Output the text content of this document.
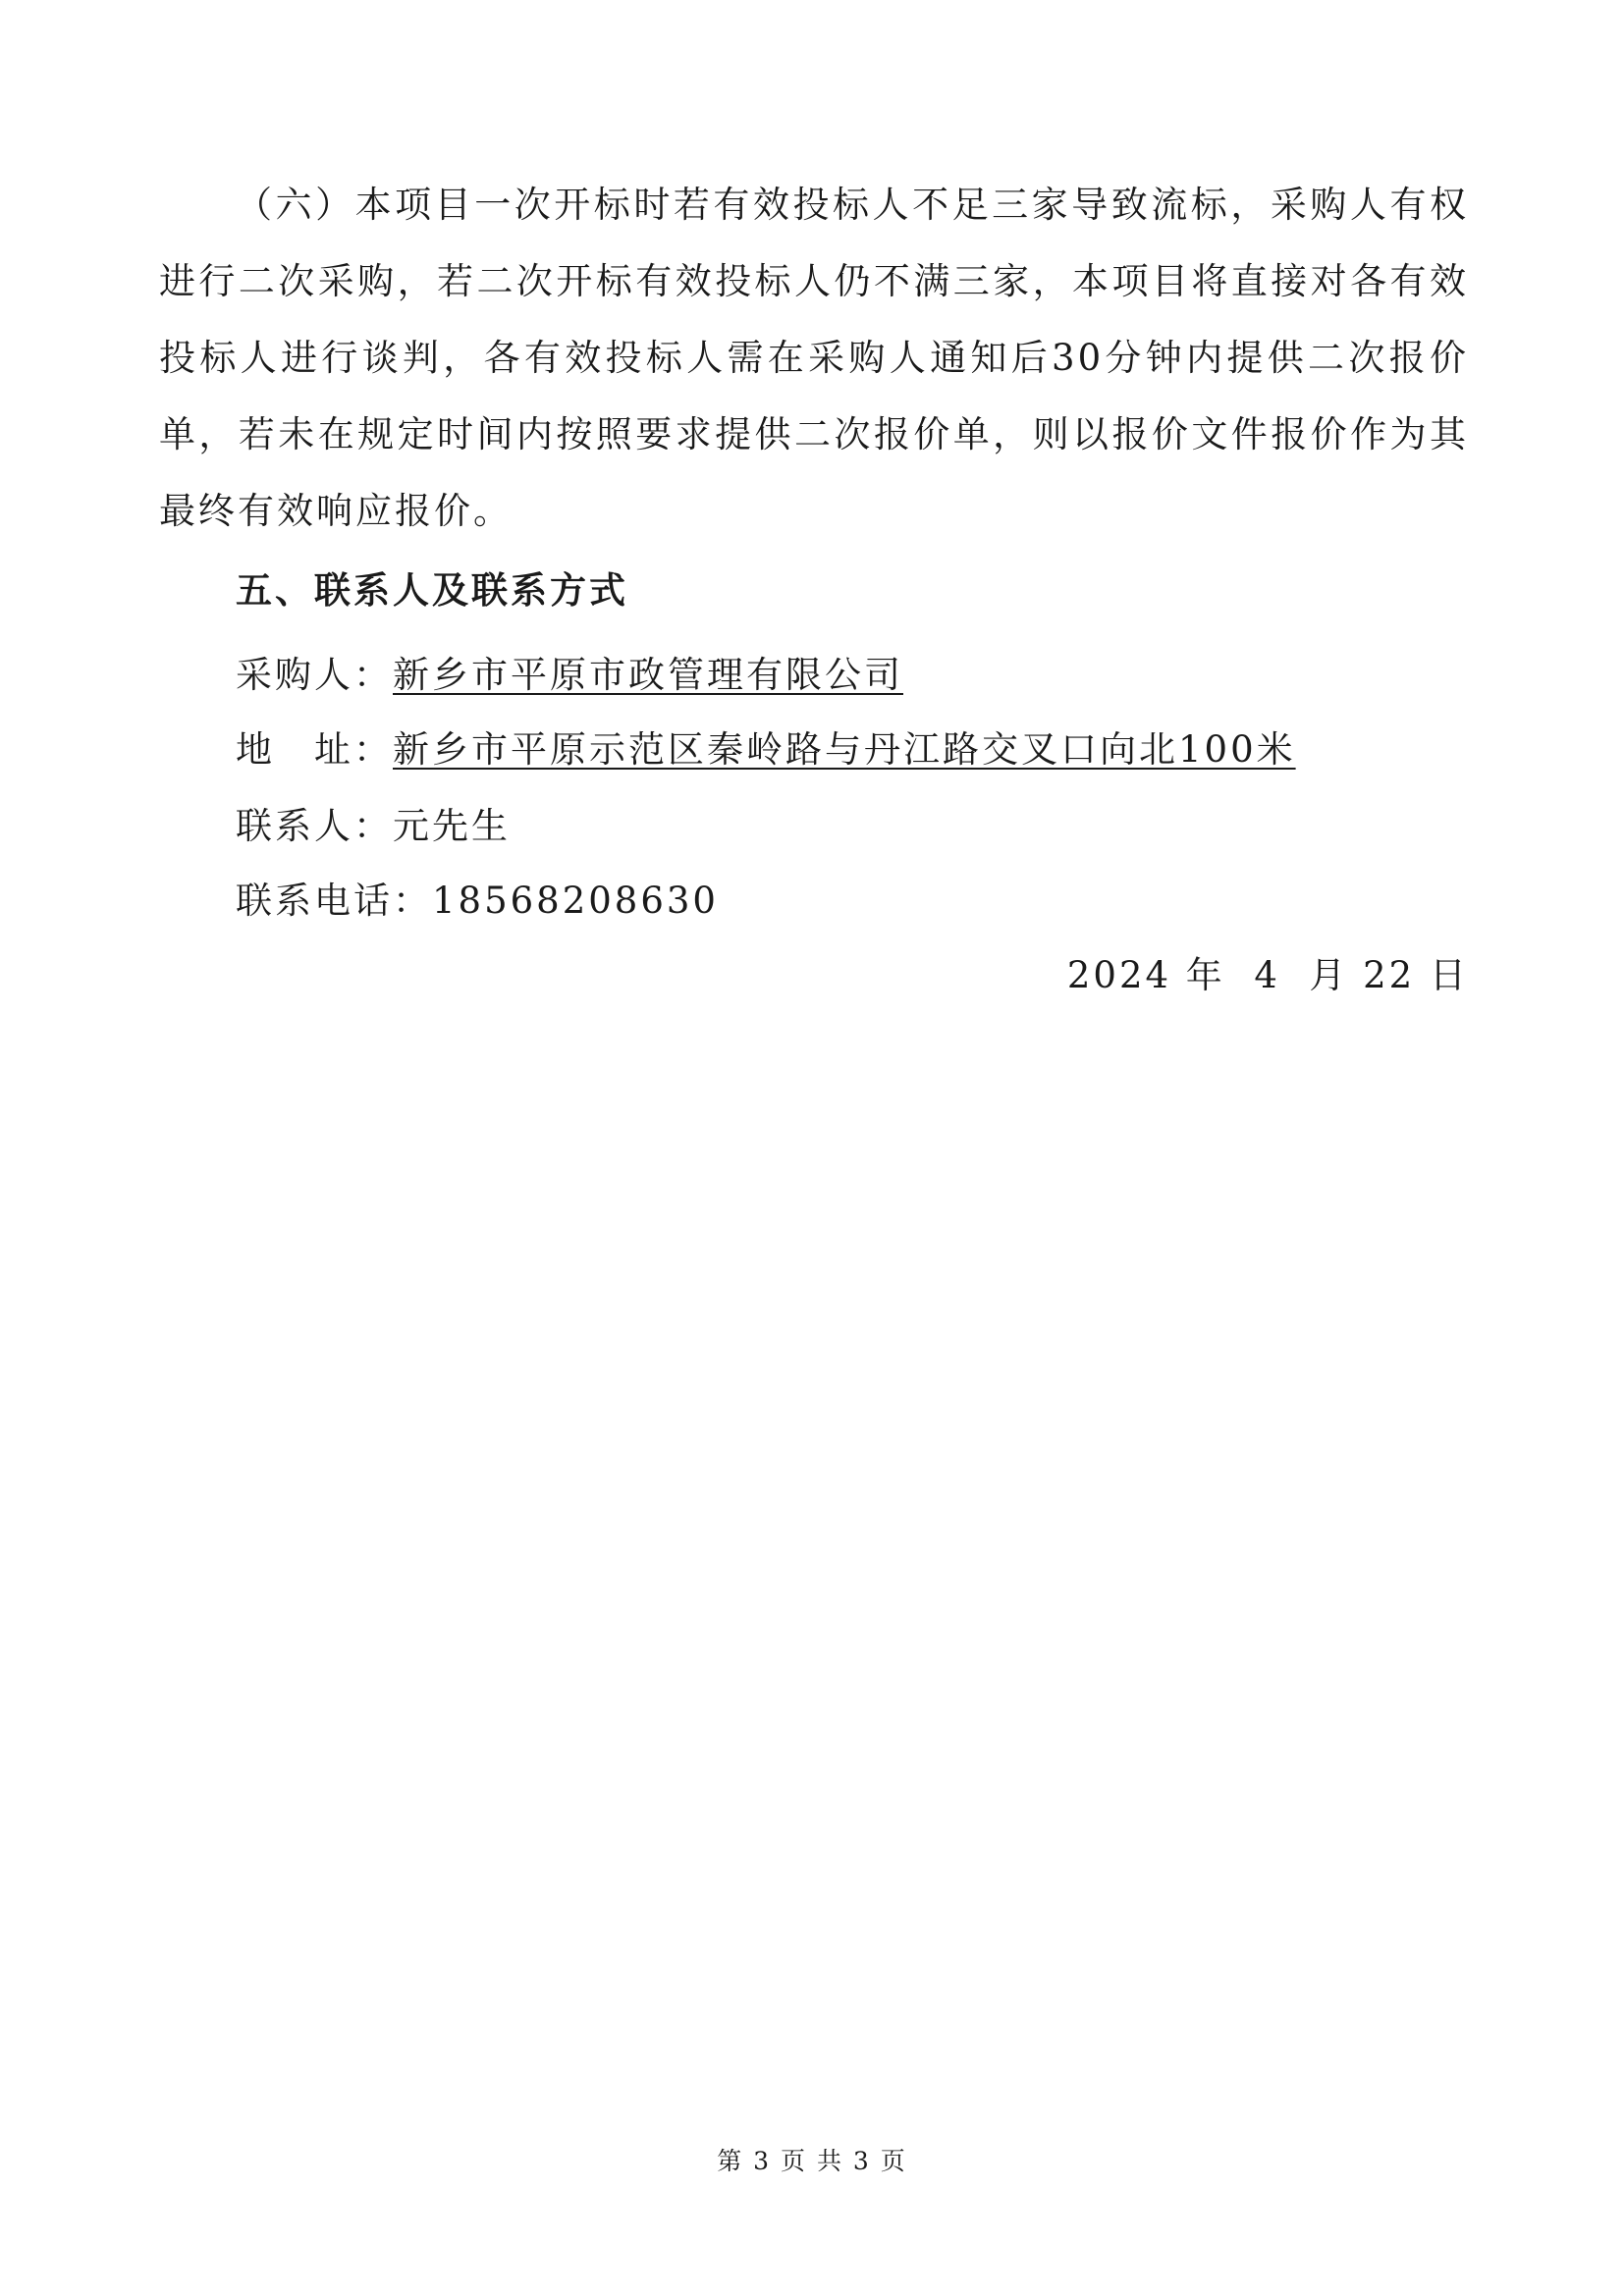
（六）本项目一次开标时若有效投标人不足三家导致流标，采购人有权进行二次采购，若二次开标有效投标人仍不满三家，本项目将直接对各有效投标人进行谈判，各有效投标人需在采购人通知后30分钟内提供二次报价单，若未在规定时间内按照要求提供二次报价单，则以报价文件报价作为其最终有效响应报价。

五、联系人及联系方式
采购人：新乡市平原市政管理有限公司
地　址：新乡市平原示范区秦岭路与丹江路交叉口向北100米
联系人：元先生
联系电话：18568208630
2024 年  4  月 22 日
第 3 页 共 3 页
